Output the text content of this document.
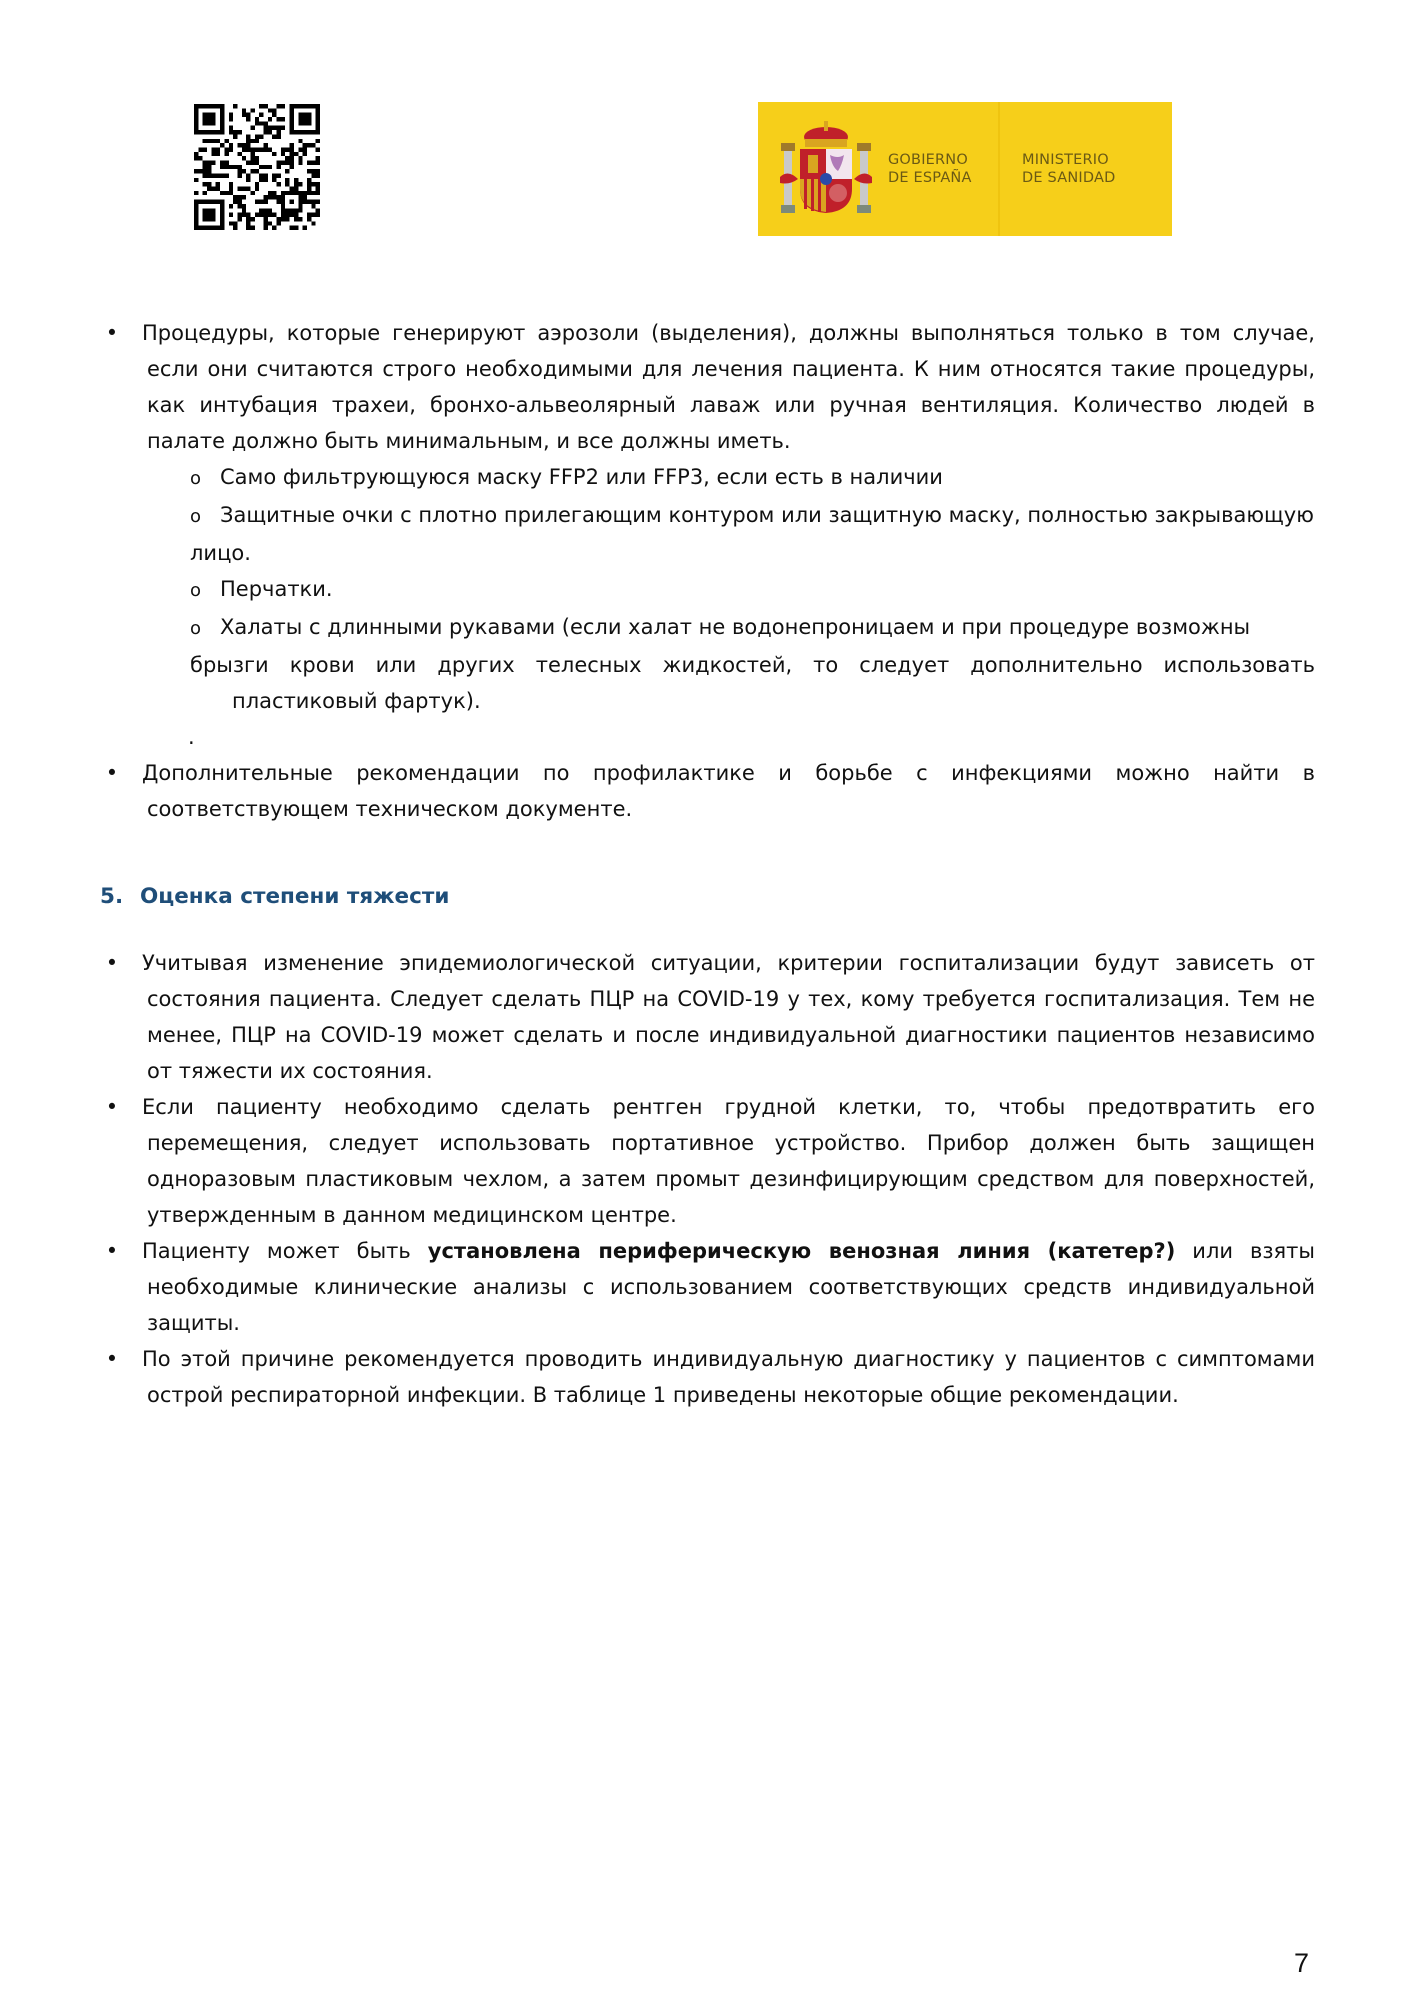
GOBIERNO
DE ESPAÑA
MINISTERIO
DE SANIDAD
• Процедуры, которые генерируют аэрозоли (выделения), должны выполняться только в том случае, если они считаются строго необходимыми для лечения пациента. К ним относятся такие процедуры, как интубация трахеи, бронхо-альвеолярный лаваж или ручная вентиляция. Количество людей в палате должно быть минимальным, и все должны иметь.

o Само фильтрующуюся маску FFP2 или FFP3, если есть в наличии

o Защитные очки с плотно прилегающим контуром или защитную маску, полностью закрывающую

лицо.

o Перчатки.

o Халаты с длинными рукавами (если халат не водонепроницаем и при процедуре возможны

брызги крови или других телесных жидкостей, то следует дополнительно использовать

пластиковый фартук).

.

• Дополнительные рекомендации по профилактике и борьбе с инфекциями можно найти в соответствующем техническом документе.

5. Оценка степени тяжести
• Учитывая изменение эпидемиологической ситуации, критерии госпитализации будут зависеть от состояния пациента. Следует сделать ПЦР на COVID-19 у тех, кому требуется госпитализация. Тем не менее, ПЦР на COVID-19 может сделать и после индивидуальной диагностики пациентов независимо от тяжести их состояния.

• Если пациенту необходимо сделать рентген грудной клетки, то, чтобы предотвратить его перемещения, следует использовать портативное устройство. Прибор должен быть защищен одноразовым пластиковым чехлом, а затем промыт дезинфицирующим средством для поверхностей, утвержденным в данном медицинском центре.

• Пациенту может быть установлена периферическую венозная линия (катетер?) или взяты необходимые клинические анализы с использованием соответствующих средств индивидуальной защиты.

• По этой причине рекомендуется проводить индивидуальную диагностику у пациентов с симптомами острой респираторной инфекции. В таблице 1 приведены некоторые общие рекомендации.

7
